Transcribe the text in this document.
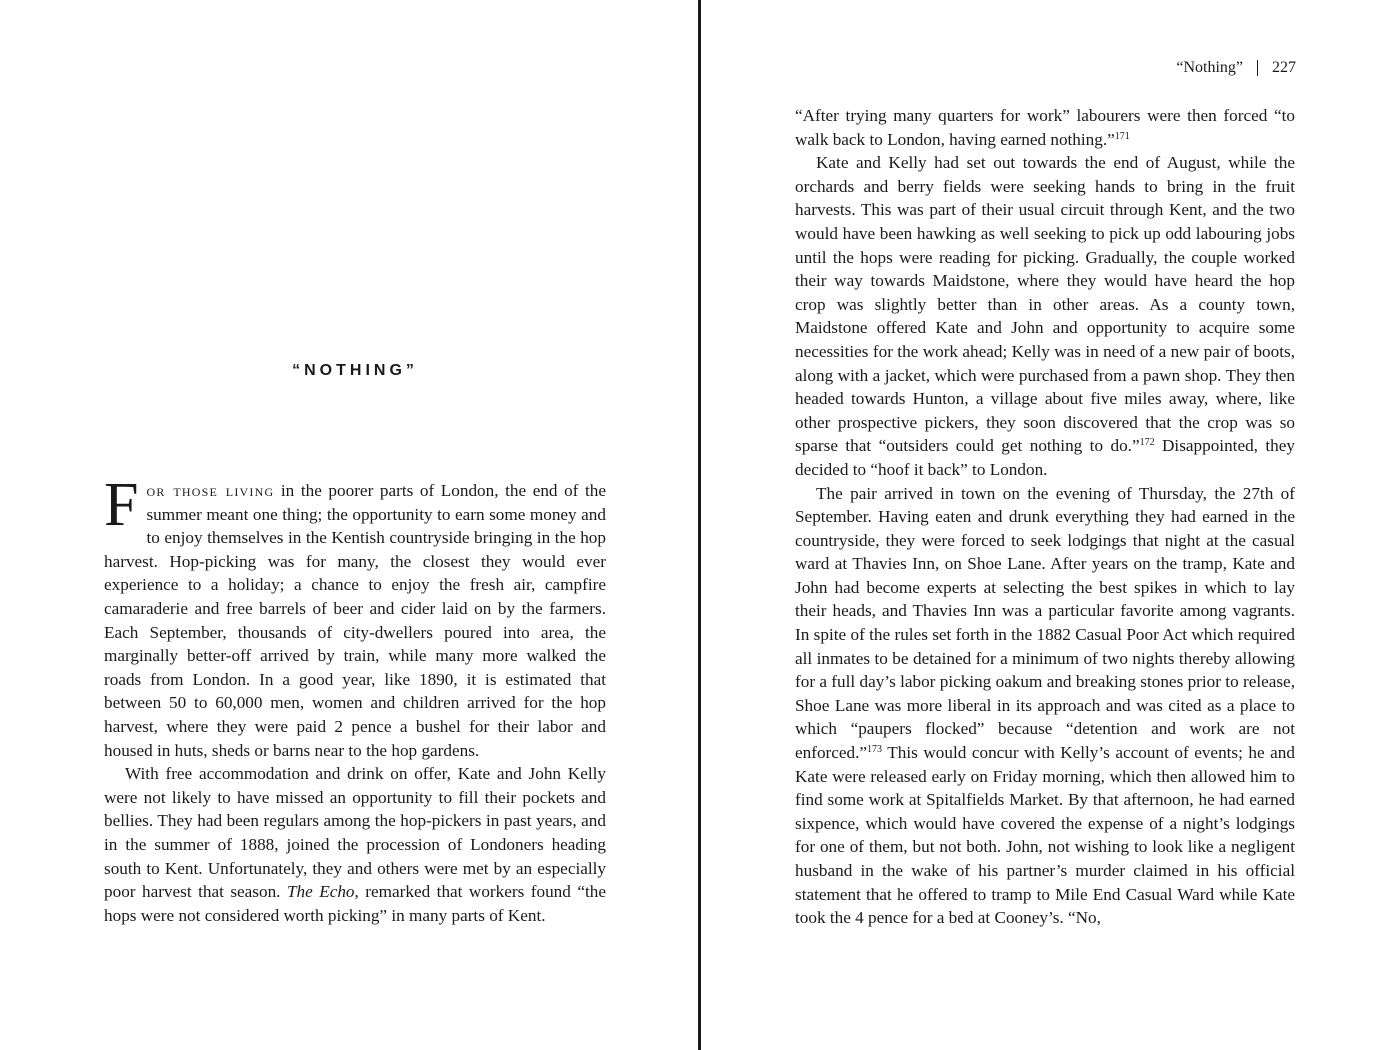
“NOTHING”

For those living in the poorer parts of London, the end of the summer meant one thing; the opportunity to earn some money and to enjoy themselves in the Kentish countryside bringing in the hop harvest. Hop-picking was for many, the closest they would ever experience to a holiday; a chance to enjoy the fresh air, campfire camaraderie and free barrels of beer and cider laid on by the farmers. Each September, thousands of city-dwellers poured into area, the marginally better-off arrived by train, while many more walked the roads from London. In a good year, like 1890, it is estimated that between 50 to 60,000 men, women and children arrived for the hop harvest, where they were paid 2 pence a bushel for their labor and housed in huts, sheds or barns near to the hop gardens.

With free accommodation and drink on offer, Kate and John Kelly were not likely to have missed an opportunity to fill their pockets and bellies. They had been regulars among the hop-pickers in past years, and in the summer of 1888, joined the procession of Londoners heading south to Kent. Unfortunately, they and others were met by an especially poor harvest that season. The Echo, remarked that workers found “the hops were not considered worth picking” in many parts of Kent.

“Nothing” 227

“After trying many quarters for work” labourers were then forced “to walk back to London, having earned nothing.”$^{171}$

Kate and Kelly had set out towards the end of August, while the orchards and berry fields were seeking hands to bring in the fruit harvests. This was part of their usual circuit through Kent, and the two would have been hawking as well seeking to pick up odd labouring jobs until the hops were reading for picking. Gradually, the couple worked their way towards Maidstone, where they would have heard the hop crop was slightly better than in other areas. As a county town, Maidstone offered Kate and John and opportunity to acquire some necessities for the work ahead; Kelly was in need of a new pair of boots, along with a jacket, which were purchased from a pawn shop. They then headed towards Hunton, a village about five miles away, where, like other prospective pickers, they soon discovered that the crop was so sparse that “outsiders could get nothing to do.”$^{172}$ Disappointed, they decided to “hoof it back” to London.

The pair arrived in town on the evening of Thursday, the 27th of September. Having eaten and drunk everything they had earned in the countryside, they were forced to seek lodgings that night at the casual ward at Thavies Inn, on Shoe Lane. After years on the tramp, Kate and John had become experts at selecting the best spikes in which to lay their heads, and Thavies Inn was a particular favorite among vagrants. In spite of the rules set forth in the 1882 Casual Poor Act which required all inmates to be detained for a minimum of two nights thereby allowing for a full day’s labor picking oakum and breaking stones prior to release, Shoe Lane was more liberal in its approach and was cited as a place to which “paupers flocked” because “detention and work are not enforced.”$^{173}$ This would concur with Kelly’s account of events; he and Kate were released early on Friday morning, which then allowed him to find some work at Spitalfields Market. By that afternoon, he had earned sixpence, which would have covered the expense of a night’s lodgings for one of them, but not both. John, not wishing to look like a negligent husband in the wake of his partner’s murder claimed in his official statement that he offered to tramp to Mile End Casual Ward while Kate took the 4 pence for a bed at Cooney’s. “No,
